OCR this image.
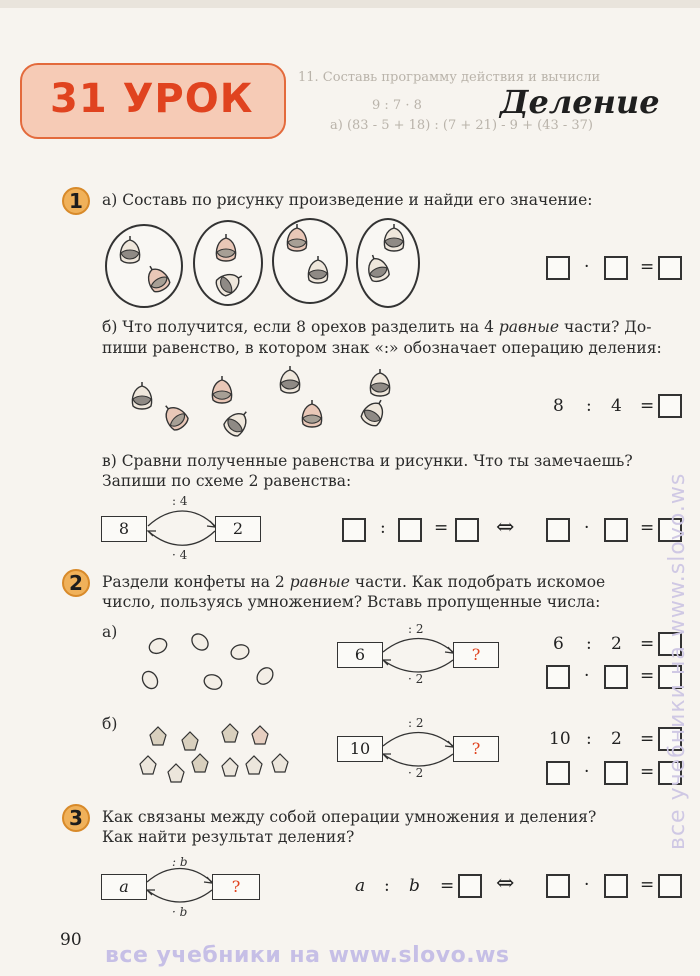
31 УРОК	11. Составь программу действия и вычисли
а) (83 - 5 + 18) : (7 + 21) - 9 + (43 - 37)
9 : 7 · 8 Деление
1	а) Составь по рисунку произведение и найди его значение:
·	=
б) Что получится, если 8 орехов разделить на 4 равные части? До-
пиши равенство, в котором знак «:» обозначает операцию деления:
8 : 4 =
в) Сравни полученные равенства и рисунки. Что ты замечаешь?
Запиши по схеме 2 равенства:
8	2
: 4
· 4
:	= ⇔	·	=
2	Раздели конфеты на 2 равные части. Как подобрать искомое
число, пользуясь умножением? Вставь пропущенные числа:
а)
6	?
: 2
· 2
6 : 2 =
·	=
б)
10	?
: 2
· 2
10 : 2 =
·	=
3	Как связаны между собой операции умножения и деления?
Как найти результат деления?
a	?
: b
· b
a : b = ⇔	·	=
90
все учебники на www.slovo.ws
все учебники на www.slovo.ws
